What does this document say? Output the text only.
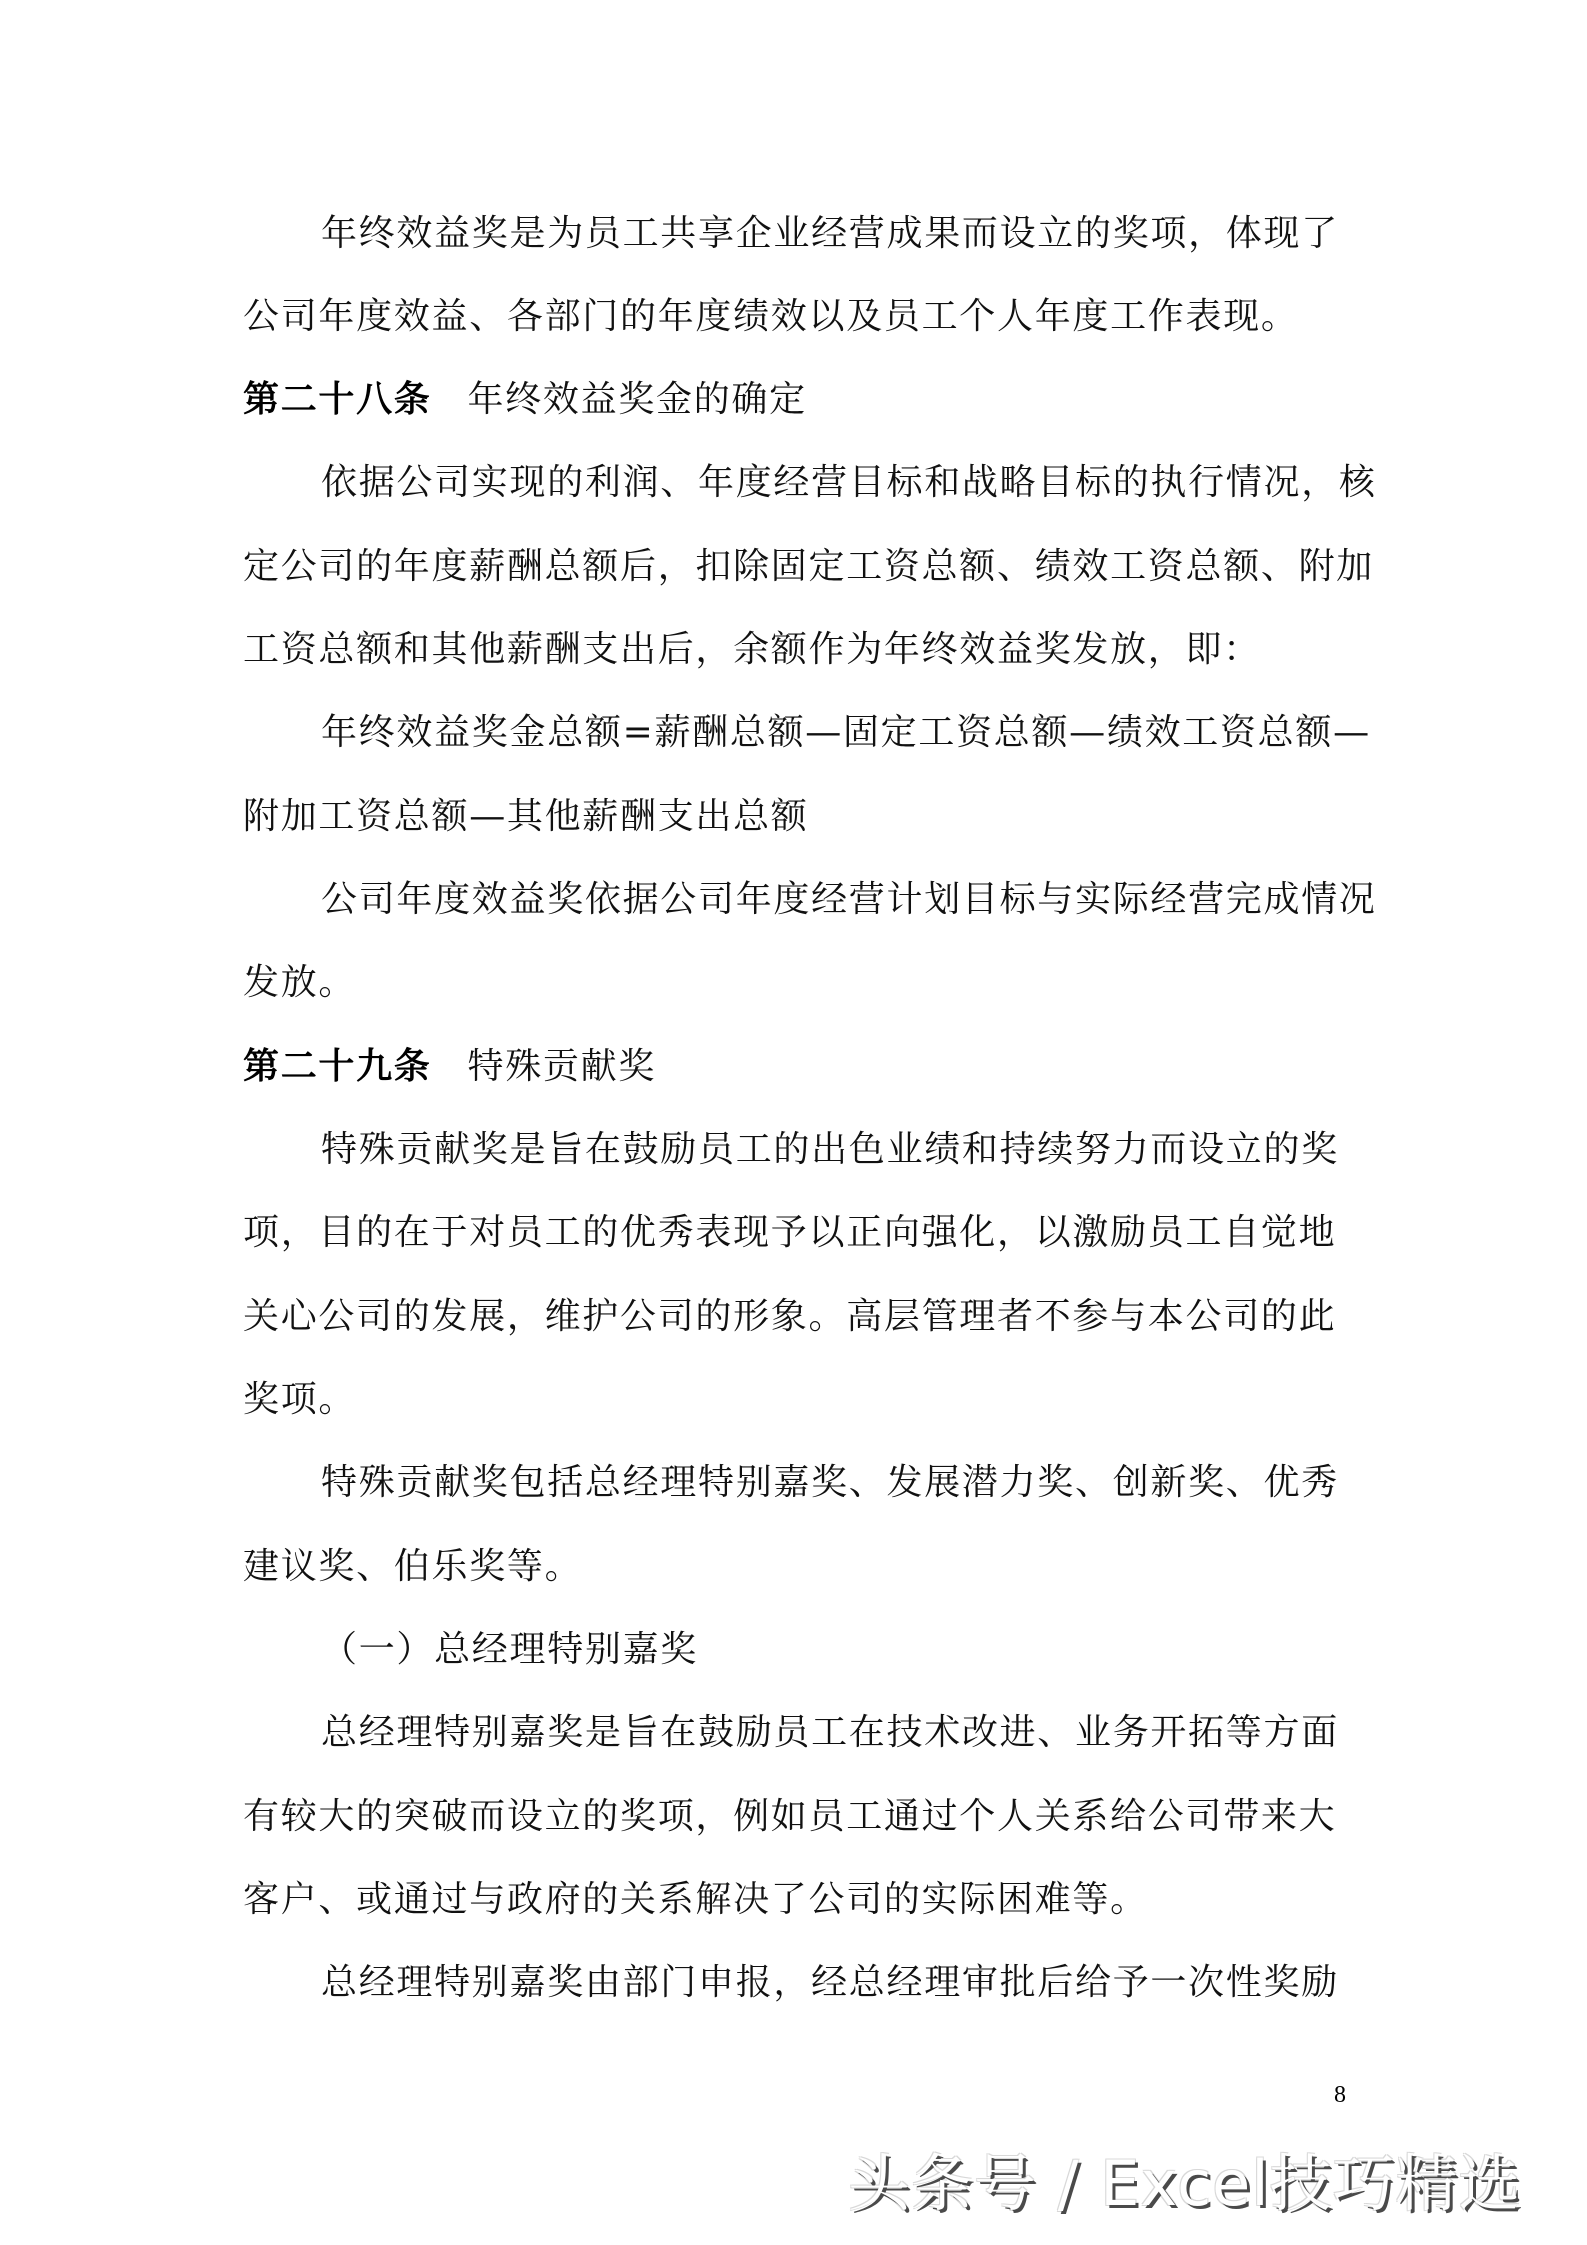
年终效益奖是为员工共享企业经营成果而设立的奖项，体现了
公司年度效益、各部门的年度绩效以及员工个人年度工作表现。
第二十八条 年终效益奖金的确定
依据公司实现的利润、年度经营目标和战略目标的执行情况，核
定公司的年度薪酬总额后，扣除固定工资总额、绩效工资总额、附加
工资总额和其他薪酬支出后，余额作为年终效益奖发放，即：
年终效益奖金总额=薪酬总额—固定工资总额—绩效工资总额—
附加工资总额—其他薪酬支出总额
公司年度效益奖依据公司年度经营计划目标与实际经营完成情况
发放。
第二十九条 特殊贡献奖
特殊贡献奖是旨在鼓励员工的出色业绩和持续努力而设立的奖
项，目的在于对员工的优秀表现予以正向强化，以激励员工自觉地
关心公司的发展，维护公司的形象。高层管理者不参与本公司的此
奖项。
特殊贡献奖包括总经理特别嘉奖、发展潜力奖、创新奖、优秀
建议奖、伯乐奖等。
（一）总经理特别嘉奖
总经理特别嘉奖是旨在鼓励员工在技术改进、业务开拓等方面
有较大的突破而设立的奖项，例如员工通过个人关系给公司带来大
客户、或通过与政府的关系解决了公司的实际困难等。
总经理特别嘉奖由部门申报，经总经理审批后给予一次性奖励
8
头条号 / Excel技巧精选
